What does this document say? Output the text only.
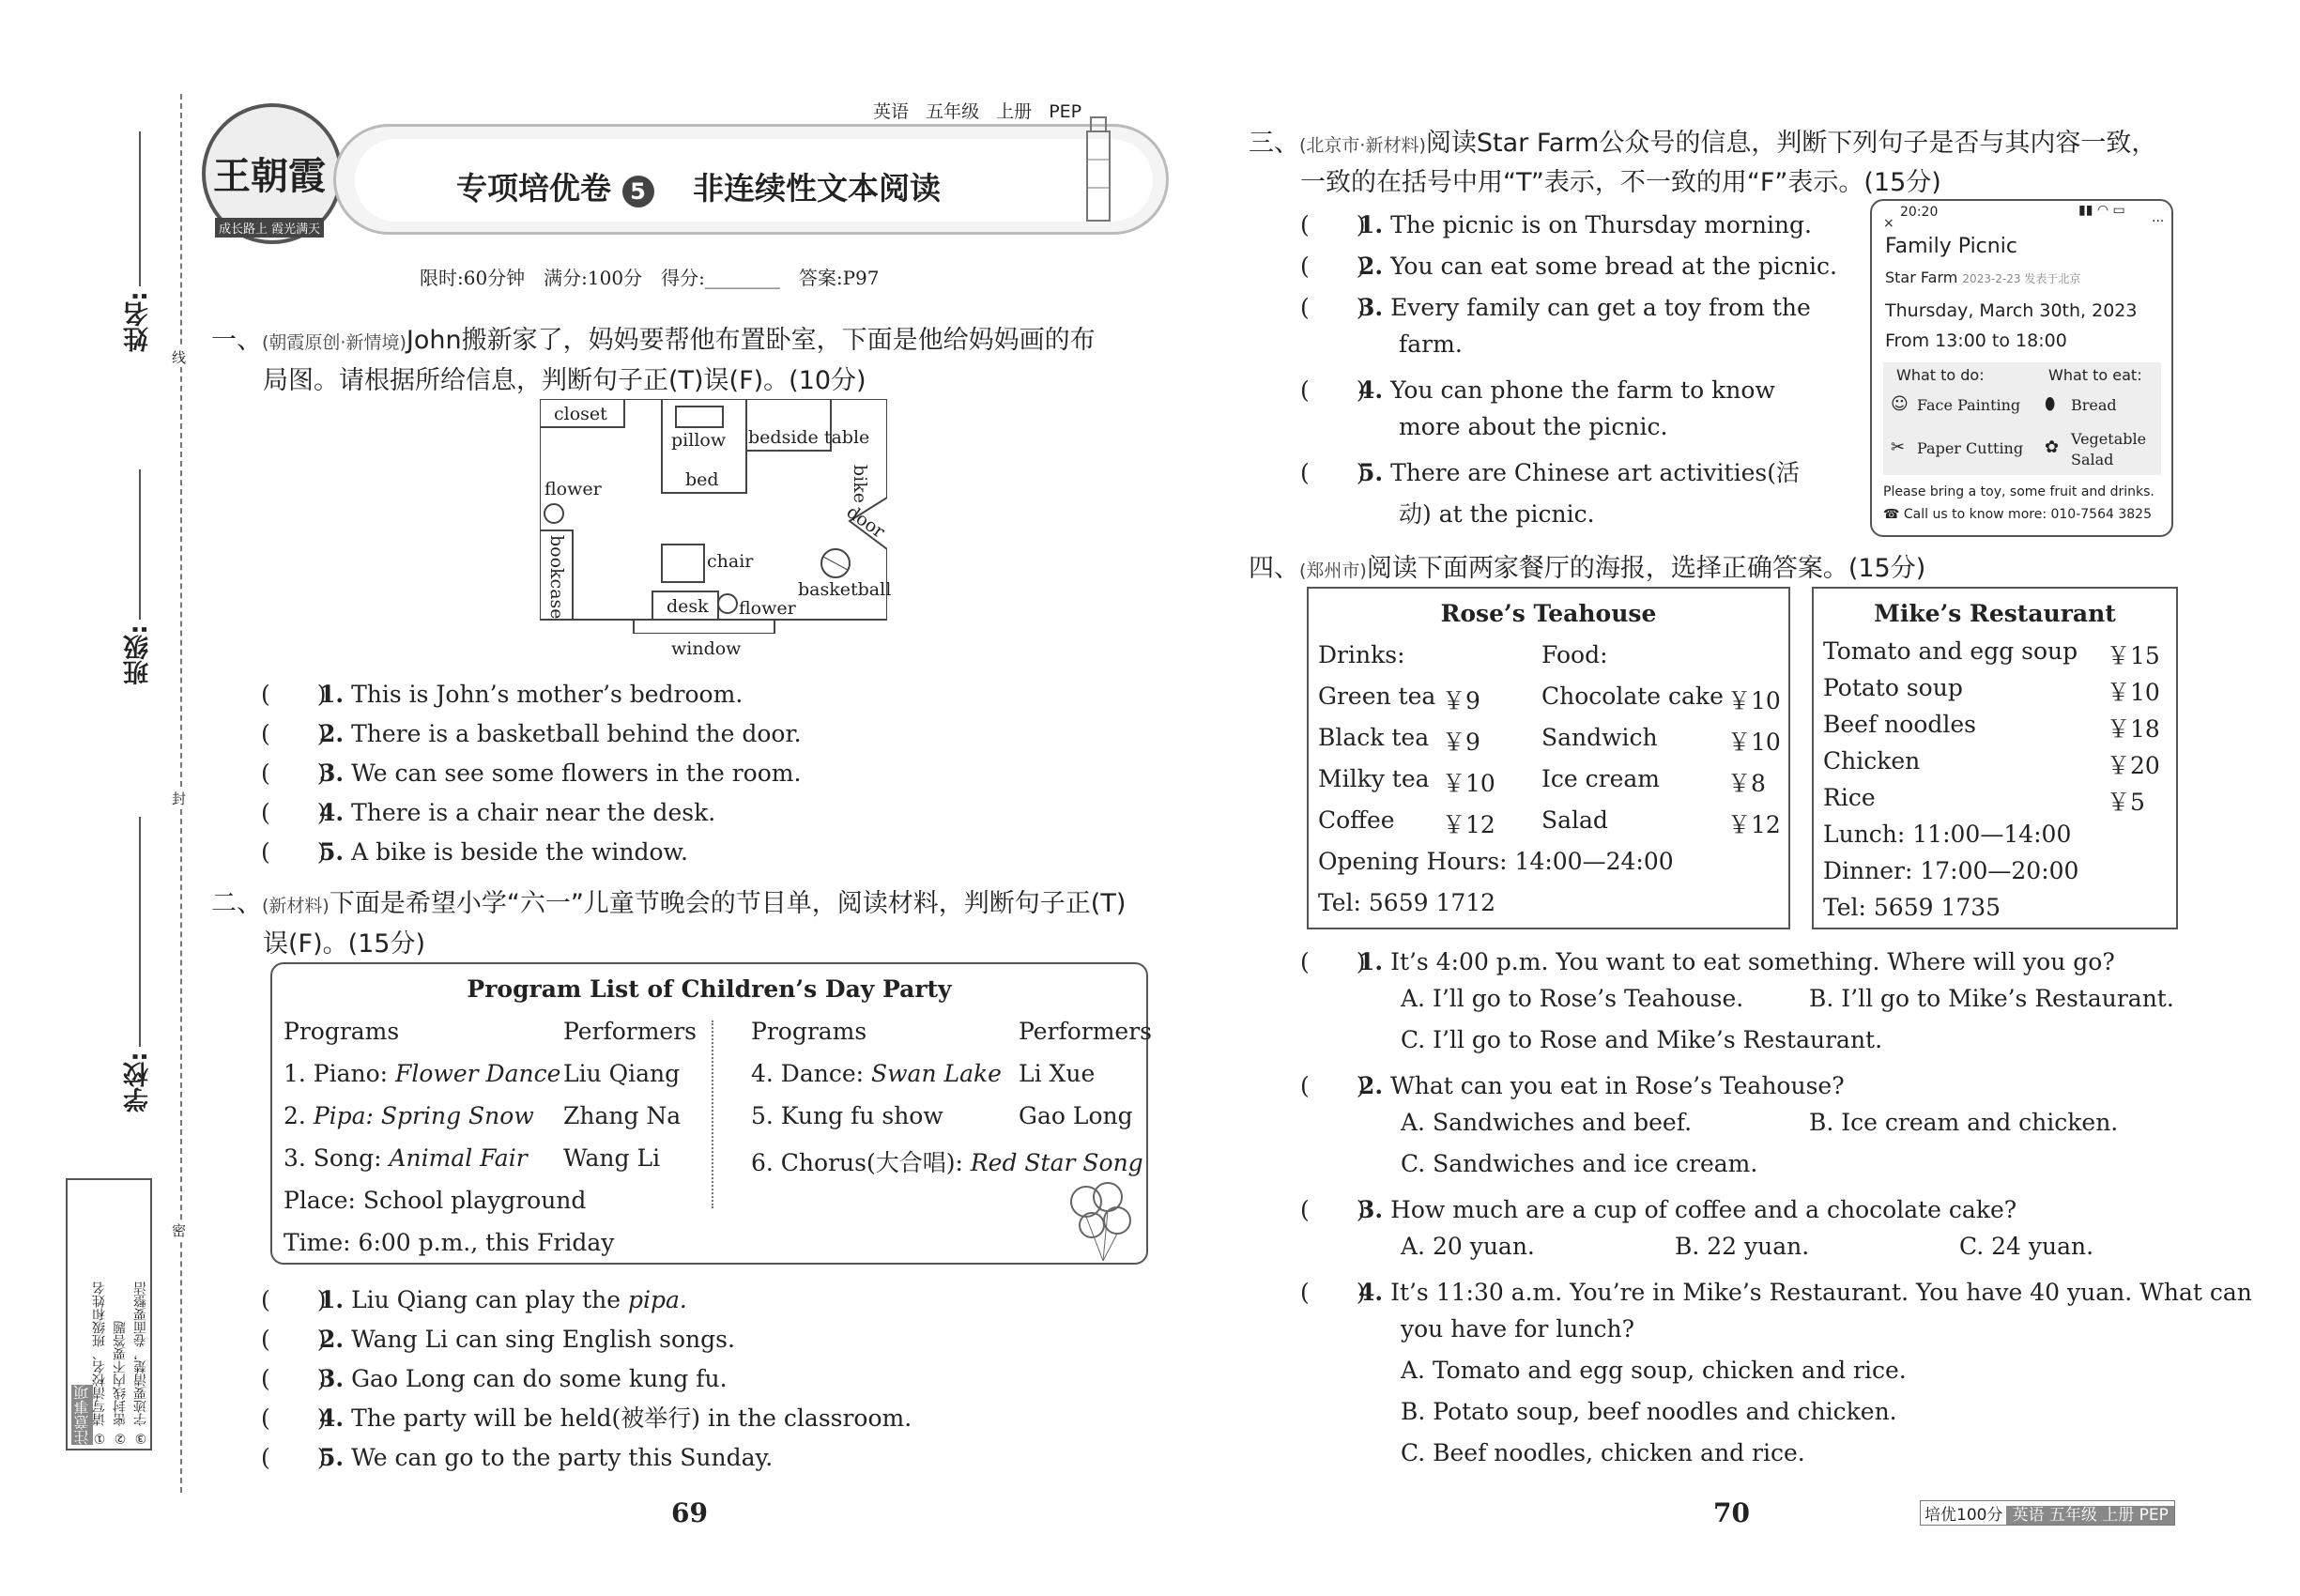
姓名:
班级:
学校:
线
封
密
注意事项 ① 请写清校名、班级和姓名 ② 密封线内不要答题 ③ 字迹要清楚，卷面要整洁
王朝霞
成长路上 霞光满天
英语 五年级 上册 PEP
专项培优卷 5 非连续性文本阅读
限时:60分钟　满分:100分　得分:________　答案:P97
一、(朝霞原创·新情境)John搬新家了，妈妈要帮他布置卧室，下面是他给妈妈画的布
局图。请根据所给信息，判断句子正(T)误(F)。(10分)
closet
pillow
bed
bedside table
bike
flower
door
bookcase	chair
basketball
desk flower
window
(　　)1. This is John’s mother’s bedroom.
(　　)2. There is a basketball behind the door.
(　　)3. We can see some flowers in the room.
(　　)4. There is a chair near the desk.
(　　)5. A bike is beside the window.
二、(新材料)下面是希望小学“六一”儿童节晚会的节目单，阅读材料，判断句子正(T)
误(F)。(15分)
Program List of Children’s Day Party
Programs	Performers Programs	Performers
1. Piano: Flower Dance Liu Qiang
2. Pipa: Spring Snow Zhang Na
3. Song: Animal Fair Wang Li
4. Dance: Swan Lake Li Xue
5. Kung fu show	Gao Long
6. Chorus(大合唱): Red Star Song
Place: School playground
Time: 6:00 p.m., this Friday
(　　)1. Liu Qiang can play the pipa.
(　　)2. Wang Li can sing English songs.
(　　)3. Gao Long can do some kung fu.
(　　)4. The party will be held(被举行) in the classroom.
(　　)5. We can go to the party this Sunday.
69
三、(北京市·新材料)阅读Star Farm公众号的信息，判断下列句子是否与其内容一致，
一致的在括号中用“T”表示，不一致的用“F”表示。(15分)
(　　)1. The picnic is on Thursday morning.
(　　)2. You can eat some bread at the picnic.
(　　)3. Every family can get a toy from the
farm.
(　　)4. You can phone the farm to know
more about the picnic.
(　　)5. There are Chinese art activities(活
动) at the picnic.
20:20	▮▮ ◠ ▭
×	···
Family Picnic
Star Farm 2023-2-23 发表于北京
Thursday, March 30th, 2023
From 13:00 to 18:00
What to do:	What to eat:
☺ Face Painting
✂ Paper Cutting
⬮ Bread
✿ Vegetable
Salad
Please bring a toy, some fruit and drinks.
☎ Call us to know more: 010-7564 3825
四、(郑州市)阅读下面两家餐厅的海报，选择正确答案。(15分)
Rose’s Teahouse
Drinks:	Food:
Green tea ￥9	Chocolate cake ￥10
Black tea ￥9	Sandwich	￥10
Milky tea ￥10 Ice cream	￥8
Coffee ￥12 Salad	￥12
Opening Hours: 14:00—24:00
Tel: 5659 1712
Mike’s Restaurant
Tomato and egg soup ￥15
Potato soup	￥10
Beef noodles	￥18
Chicken	￥20
Rice	￥5
Lunch: 11:00—14:00
Dinner: 17:00—20:00
Tel: 5659 1735
(　　)1. It’s 4:00 p.m. You want to eat something. Where will you go?
A. I’ll go to Rose’s Teahouse.	B. I’ll go to Mike’s Restaurant.
C. I’ll go to Rose and Mike’s Restaurant.
(　　)2. What can you eat in Rose’s Teahouse?
A. Sandwiches and beef.	B. Ice cream and chicken.
C. Sandwiches and ice cream.
(　　)3. How much are a cup of coffee and a chocolate cake?
A. 20 yuan.	B. 22 yuan.	C. 24 yuan.
(　　)4. It’s 11:30 a.m. You’re in Mike’s Restaurant. You have 40 yuan. What can
you have for lunch?
A. Tomato and egg soup, chicken and rice.
B. Potato soup, beef noodles and chicken.
C. Beef noodles, chicken and rice.
70	培优100分 英语 五年级 上册 PEP
